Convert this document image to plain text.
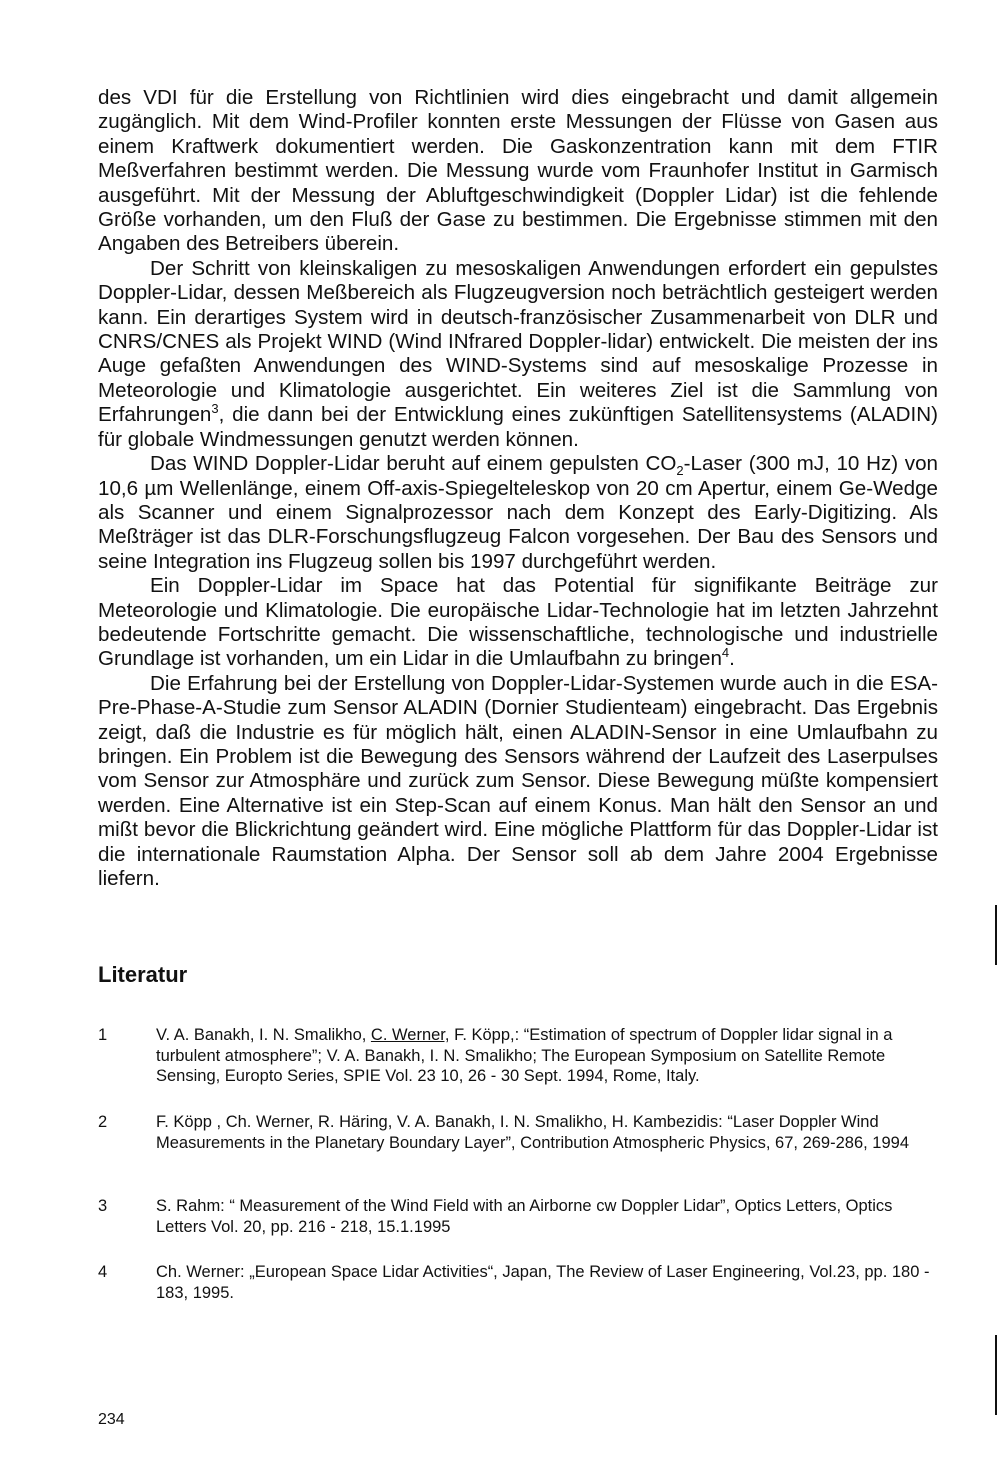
des VDI für die Erstellung von Richtlinien wird dies eingebracht und damit allgemein zugänglich. Mit dem Wind-Profiler konnten erste Messungen der Flüsse von Gasen aus einem Kraftwerk dokumentiert werden. Die Gaskonzentration kann mit dem FTIR Meßverfahren bestimmt werden. Die Messung wurde vom Fraunhofer Institut in Garmisch ausgeführt. Mit der Messung der Abluftgeschwindigkeit (Doppler Lidar) ist die fehlende Größe vorhanden, um den Fluß der Gase zu bestimmen. Die Ergebnisse stimmen mit den Angaben des Betreibers überein.

Der Schritt von kleinskaligen zu mesoskaligen Anwendungen erfordert ein gepulstes Doppler-Lidar, dessen Meßbereich als Flugzeugversion noch beträchtlich gesteigert werden kann. Ein derartiges System wird in deutsch-französischer Zusammenarbeit von DLR und CNRS/CNES als Projekt WIND (Wind INfrared Doppler-lidar) entwickelt. Die meisten der ins Auge gefaßten Anwendungen des WIND-Systems sind auf mesoskalige Prozesse in Meteorologie und Klimatologie ausgerichtet. Ein weiteres Ziel ist die Sammlung von Erfahrungen$^3$, die dann bei der Entwicklung eines zukünftigen Satellitensystems (ALADIN) für globale Windmessungen genutzt werden können.

Das WIND Doppler-Lidar beruht auf einem gepulsten $CO_2$-Laser (300 mJ, 10 Hz) von 10,6 µm Wellenlänge, einem Off-axis-Spiegelteleskop von 20 cm Apertur, einem Ge-Wedge als Scanner und einem Signalprozessor nach dem Konzept des Early-Digitizing. Als Meßträger ist das DLR-Forschungsflugzeug Falcon vorgesehen. Der Bau des Sensors und seine Integration ins Flugzeug sollen bis 1997 durchgeführt werden.

Ein Doppler-Lidar im Space hat das Potential für signifikante Beiträge zur Meteorologie und Klimatologie. Die europäische Lidar-Technologie hat im letzten Jahrzehnt bedeutende Fortschritte gemacht. Die wissenschaftliche, technologische und industrielle Grundlage ist vorhanden, um ein Lidar in die Umlaufbahn zu bringen$^4$.

Die Erfahrung bei der Erstellung von Doppler-Lidar-Systemen wurde auch in die ESA-Pre-Phase-A-Studie zum Sensor ALADIN (Dornier Studienteam) eingebracht. Das Ergebnis zeigt, daß die Industrie es für möglich hält, einen ALADIN-Sensor in eine Umlaufbahn zu bringen. Ein Problem ist die Bewegung des Sensors während der Laufzeit des Laserpulses vom Sensor zur Atmosphäre und zurück zum Sensor. Diese Bewegung müßte kompensiert werden. Eine Alternative ist ein Step-Scan auf einem Konus. Man hält den Sensor an und mißt bevor die Blickrichtung geändert wird. Eine mögliche Plattform für das Doppler-Lidar ist die internationale Raumstation Alpha. Der Sensor soll ab dem Jahre 2004 Ergebnisse liefern.

Literatur
1	V. A. Banakh, I. N. Smalikho, C. Werner, F. Köpp,: “Estimation of spectrum of Doppler lidar signal in a turbulent atmosphere”; V. A. Banakh, I. N. Smalikho; The European Symposium on Satellite Remote Sensing, Europto Series, SPIE Vol. 23 10, 26 - 30 Sept. 1994, Rome, Italy.
2	F. Köpp , Ch. Werner, R. Häring, V. A. Banakh, I. N. Smalikho, H. Kambezidis: “Laser Doppler Wind Measurements in the Planetary Boundary Layer”, Contribution Atmospheric Physics, 67, 269-286, 1994
3	S. Rahm: “ Measurement of the Wind Field with an Airborne cw Doppler Lidar”, Optics Letters, Optics Letters Vol. 20, pp. 216 - 218, 15.1.1995
4	Ch. Werner: „European Space Lidar Activities“, Japan, The Review of Laser Engineering, Vol.23, pp. 180 - 183, 1995.
234
